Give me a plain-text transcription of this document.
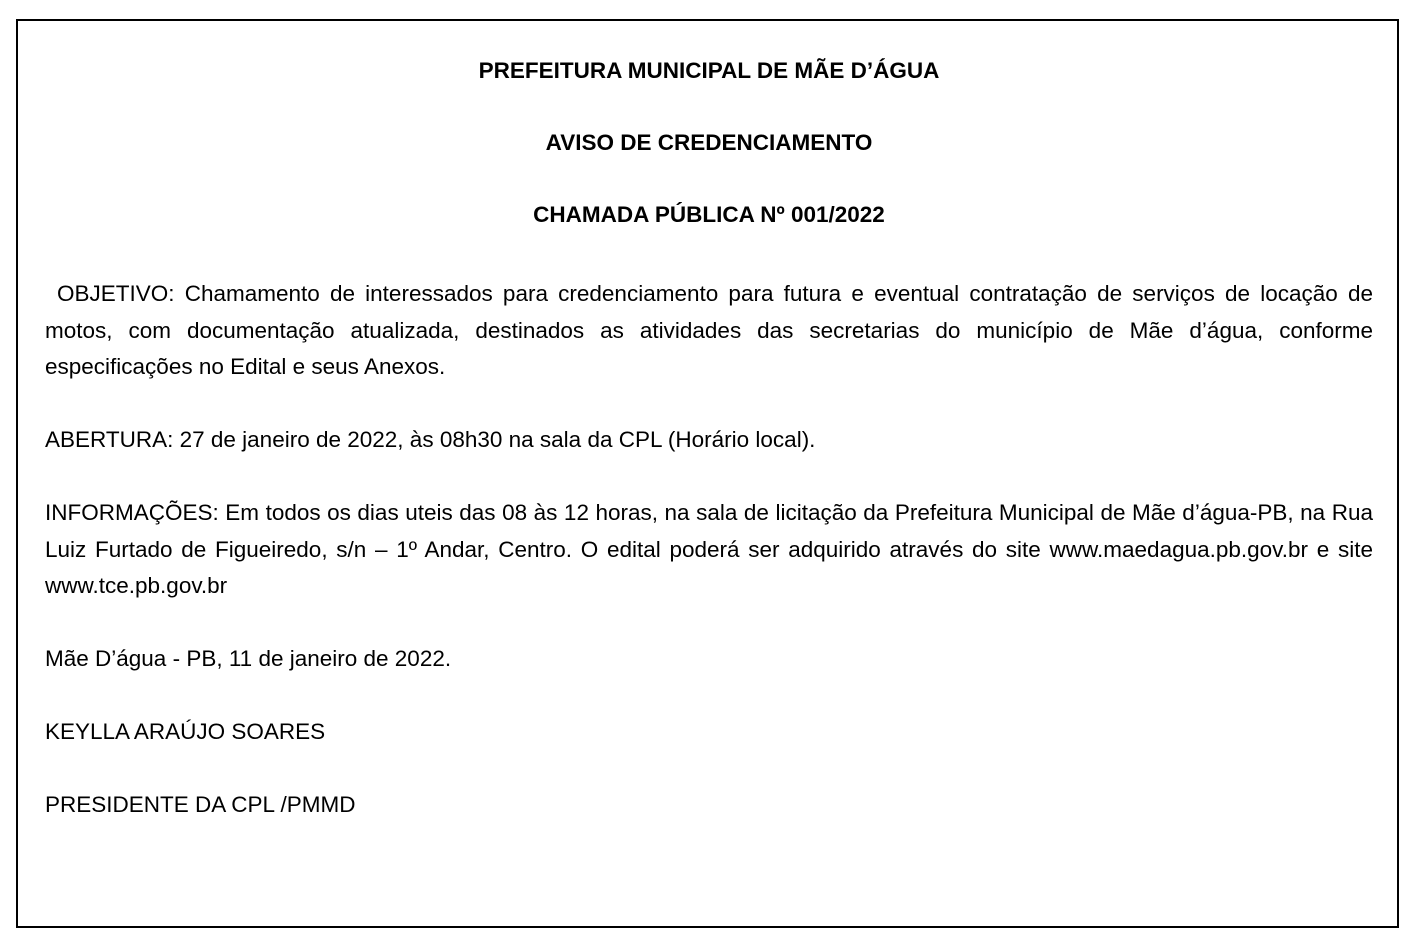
PREFEITURA MUNICIPAL DE MÃE D’ÁGUA
AVISO DE CREDENCIAMENTO
CHAMADA PÚBLICA Nº 001/2022

OBJETIVO: Chamamento de interessados para credenciamento para futura e eventual contratação de serviços de locação de motos, com documentação atualizada, destinados as atividades das secretarias do município de Mãe d’água, conforme especificações no Edital e seus Anexos.

ABERTURA: 27 de janeiro de 2022, às 08h30 na sala da CPL (Horário local).

INFORMAÇÕES: Em todos os dias uteis das 08 às 12 horas, na sala de licitação da Prefeitura Municipal de Mãe d’água-PB, na Rua Luiz Furtado de Figueiredo, s/n – 1º Andar, Centro. O edital poderá ser adquirido através do site www.maedagua.pb.gov.br e site www.tce.pb.gov.br

Mãe D’água - PB, 11 de janeiro de 2022.

KEYLLA ARAÚJO SOARES

PRESIDENTE DA CPL /PMMD
